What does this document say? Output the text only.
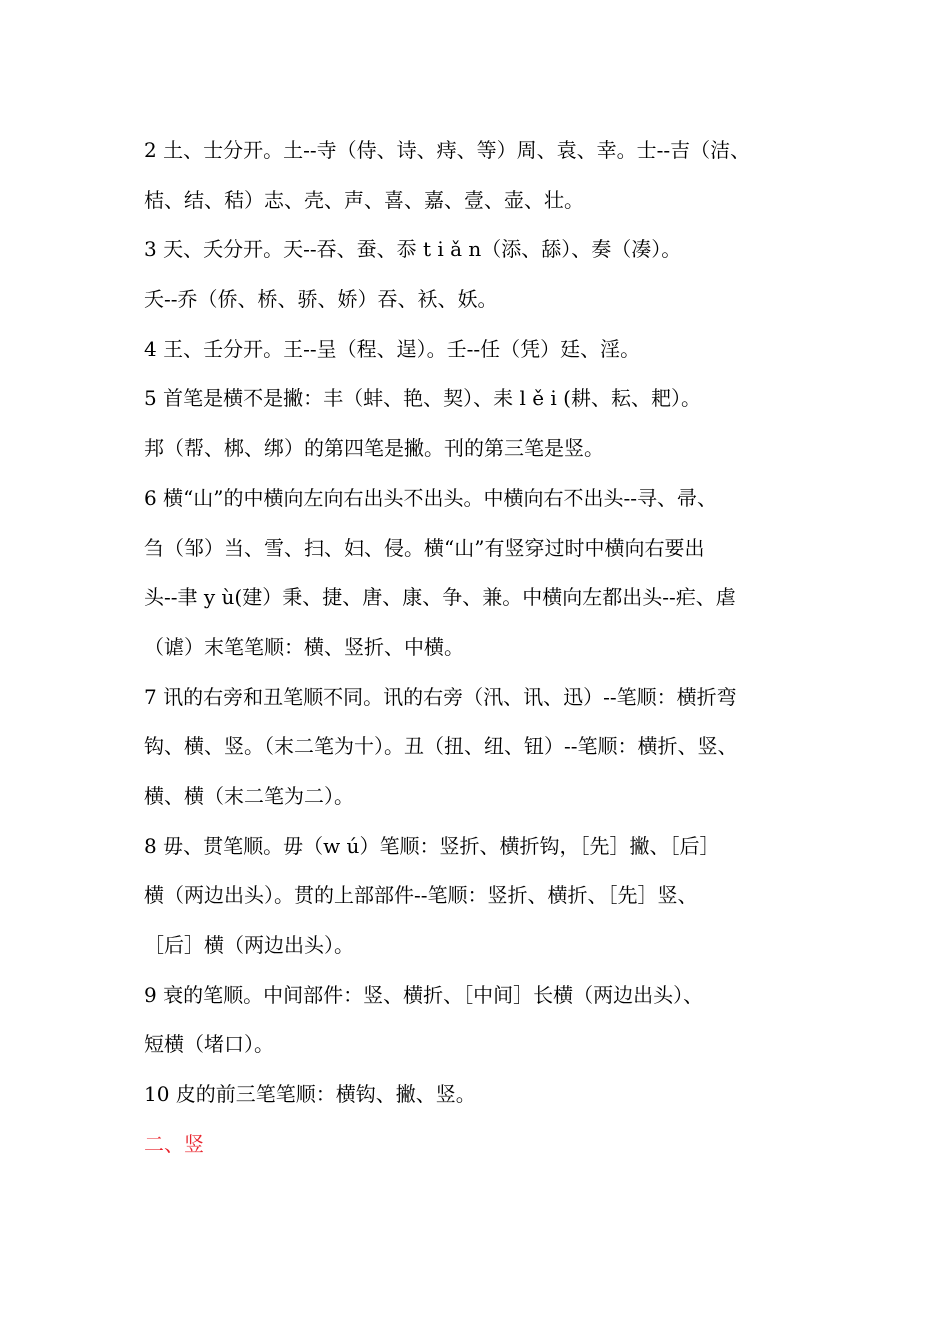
2 土、士分开。土--寺（侍、诗、痔、等）周、袁、幸。士--吉（洁、
桔、结、秸）志、壳、声、喜、嘉、壹、壶、壮。
3 天、夭分开。天--吞、蚕、忝 t i ǎ n（添、舔）、奏（凑）。
夭--乔（侨、桥、骄、娇）吞、袄、妖。
4 王、壬分开。王--呈（程、逞）。壬--任（凭）廷、淫。
5 首笔是横不是撇：丰（蚌、艳、契）、耒 l ě i (耕、耘、耙）。
邦（帮、梆、绑）的第四笔是撇。刊的第三笔是竖。
6 横“山”的中横向左向右出头不出头。中横向右不出头--寻、帚、
刍（邹）当、雪、扫、妇、侵。横“山”有竖穿过时中横向右要出
头--聿 y ù(建）秉、捷、唐、康、争、兼。中横向左都出头--疟、虐
（谑）末笔笔顺：横、竖折、中横。
7 讯的右旁和丑笔顺不同。讯的右旁（汛、讯、迅）--笔顺：横折弯
钩、横、竖。（末二笔为十）。丑（扭、纽、钮）--笔顺：横折、竖、
横、横（末二笔为二）。
8 毋、贯笔顺。毋（w ú）笔顺：竖折、横折钩，［先］撇、［后］
横（两边出头）。贯的上部部件--笔顺：竖折、横折、［先］竖、
［后］横（两边出头）。
9 衰的笔顺。中间部件：竖、横折、［中间］长横（两边出头）、
短横（堵口）。
10 皮的前三笔笔顺：横钩、撇、竖。
二、竖
